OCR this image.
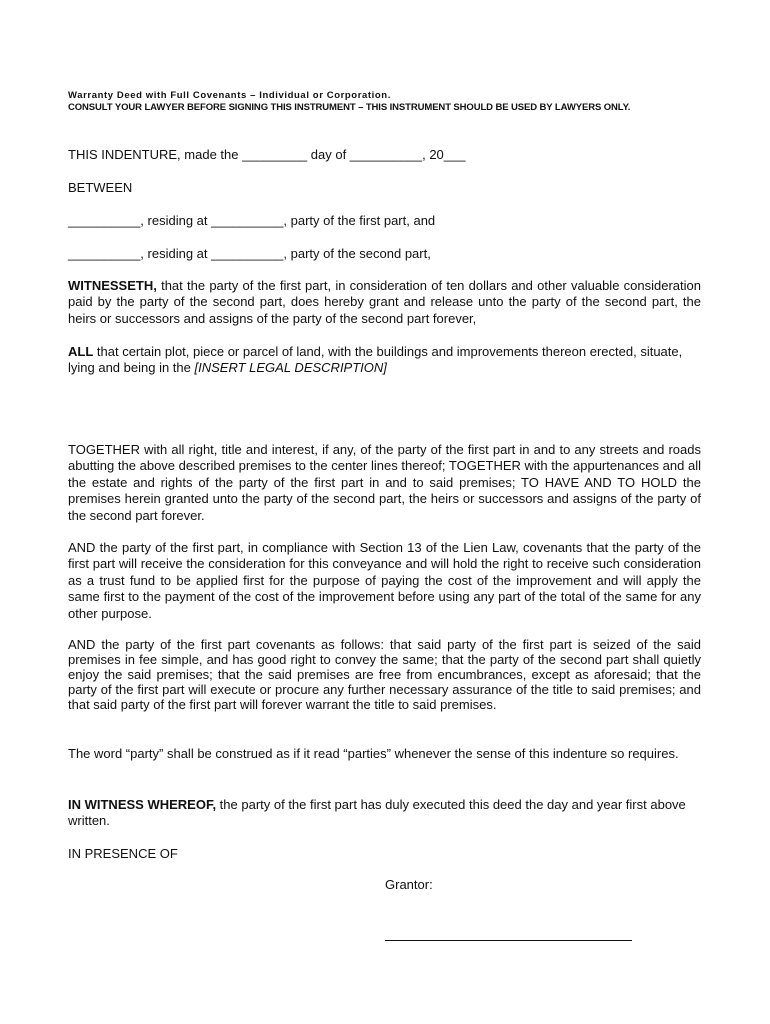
Warranty Deed with Full Covenants – Individual or Corporation.
CONSULT YOUR LAWYER BEFORE SIGNING THIS INSTRUMENT – THIS INSTRUMENT SHOULD BE USED BY LAWYERS ONLY.

THIS INDENTURE, made the _________ day of __________, 20___

BETWEEN

__________, residing at __________, party of the first part, and

__________, residing at __________, party of the second part,

WITNESSETH, that the party of the first part, in consideration of ten dollars and other valuable consideration paid by the party of the second part, does hereby grant and release unto the party of the second part, the heirs or successors and assigns of the party of the second part forever,

ALL that certain plot, piece or parcel of land, with the buildings and improvements thereon erected, situate, lying and being in the [INSERT LEGAL DESCRIPTION]

TOGETHER with all right, title and interest, if any, of the party of the first part in and to any streets and roads abutting the above described premises to the center lines thereof; TOGETHER with the appurtenances and all the estate and rights of the party of the first part in and to said premises; TO HAVE AND TO HOLD the premises herein granted unto the party of the second part, the heirs or successors and assigns of the party of the second part forever.

AND the party of the first part, in compliance with Section 13 of the Lien Law, covenants that the party of the first part will receive the consideration for this conveyance and will hold the right to receive such consideration as a trust fund to be applied first for the purpose of paying the cost of the improvement and will apply the same first to the payment of the cost of the improvement before using any part of the total of the same for any other purpose.

AND the party of the first part covenants as follows: that said party of the first part is seized of the said premises in fee simple, and has good right to convey the same; that the party of the second part shall quietly enjoy the said premises; that the said premises are free from encumbrances, except as aforesaid; that the party of the first part will execute or procure any further necessary assurance of the title to said premises; and that said party of the first part will forever warrant the title to said premises.

The word “party” shall be construed as if it read “parties” whenever the sense of this indenture so requires.

IN WITNESS WHEREOF, the party of the first part has duly executed this deed the day and year first above written.

IN PRESENCE OF

Grantor:
